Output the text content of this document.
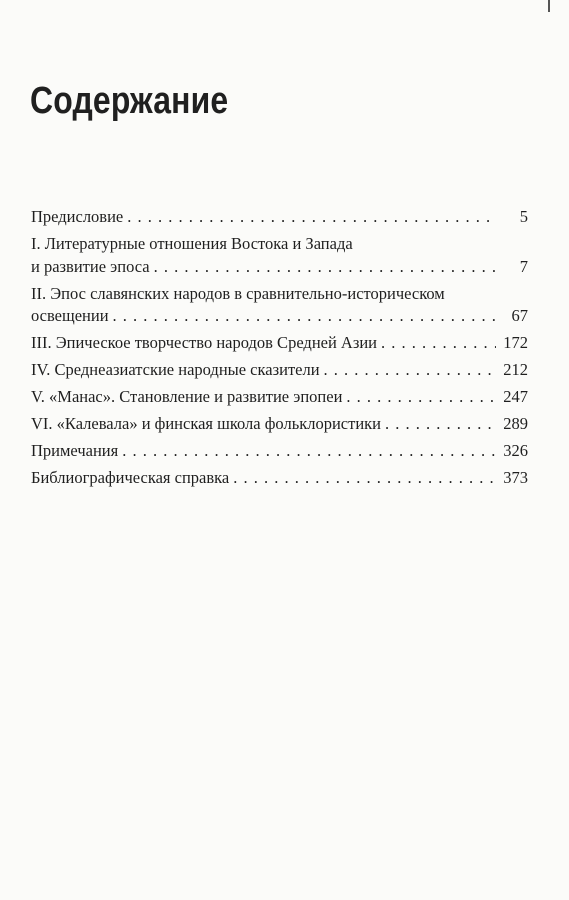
Содержание
Предисловие . . .	5
I. Литературные отношения Востока и Запада
и развитие эпоса . . .	7
II. Эпос славянских народов в сравнительно-историческом
освещении . . .	67
III. Эпическое творчество народов Средней Азии . . .	172
IV. Среднеазиатские народные сказители . . .	212
V. «Манас». Становление и развитие эпопеи . . .	247
VI. «Калевала» и финская школа фольклористики . . .	289
Примечания . . .	326
Библиографическая справка . . .	373
